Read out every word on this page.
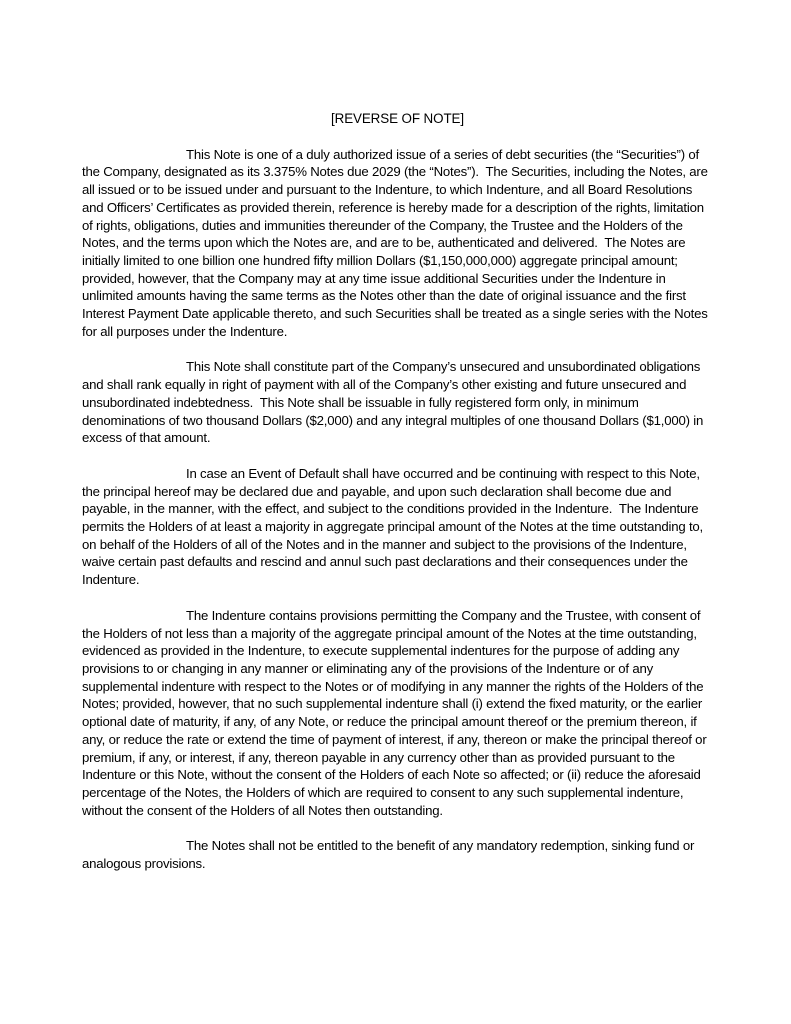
[REVERSE OF NOTE]

This Note is one of a duly authorized issue of a series of debt securities (the “Securities”) of the Company, designated as its 3.375% Notes due 2029 (the “Notes”).  The Securities, including the Notes, are all issued or to be issued under and pursuant to the Indenture, to which Indenture, and all Board Resolutions and Officers’ Certificates as provided therein, reference is hereby made for a description of the rights, limitation of rights, obligations, duties and immunities thereunder of the Company, the Trustee and the Holders of the Notes, and the terms upon which the Notes are, and are to be, authenticated and delivered.  The Notes are initially limited to one billion one hundred fifty million Dollars ($1,150,000,000) aggregate principal amount; provided, however, that the Company may at any time issue additional Securities under the Indenture in unlimited amounts having the same terms as the Notes other than the date of original issuance and the first Interest Payment Date applicable thereto, and such Securities shall be treated as a single series with the Notes for all purposes under the Indenture.

This Note shall constitute part of the Company’s unsecured and unsubordinated obligations and shall rank equally in right of payment with all of the Company’s other existing and future unsecured and unsubordinated indebtedness.  This Note shall be issuable in fully registered form only, in minimum denominations of two thousand Dollars ($2,000) and any integral multiples of one thousand Dollars ($1,000) in excess of that amount.

In case an Event of Default shall have occurred and be continuing with respect to this Note, the principal hereof may be declared due and payable, and upon such declaration shall become due and payable, in the manner, with the effect, and subject to the conditions provided in the Indenture.  The Indenture permits the Holders of at least a majority in aggregate principal amount of the Notes at the time outstanding to, on behalf of the Holders of all of the Notes and in the manner and subject to the provisions of the Indenture, waive certain past defaults and rescind and annul such past declarations and their consequences under the Indenture.

The Indenture contains provisions permitting the Company and the Trustee, with consent of the Holders of not less than a majority of the aggregate principal amount of the Notes at the time outstanding, evidenced as provided in the Indenture, to execute supplemental indentures for the purpose of adding any provisions to or changing in any manner or eliminating any of the provisions of the Indenture or of any supplemental indenture with respect to the Notes or of modifying in any manner the rights of the Holders of the Notes; provided, however, that no such supplemental indenture shall (i) extend the fixed maturity, or the earlier optional date of maturity, if any, of any Note, or reduce the principal amount thereof or the premium thereon, if any, or reduce the rate or extend the time of payment of interest, if any, thereon or make the principal thereof or premium, if any, or interest, if any, thereon payable in any currency other than as provided pursuant to the Indenture or this Note, without the consent of the Holders of each Note so affected; or (ii) reduce the aforesaid percentage of the Notes, the Holders of which are required to consent to any such supplemental indenture, without the consent of the Holders of all Notes then outstanding.

The Notes shall not be entitled to the benefit of any mandatory redemption, sinking fund or analogous provisions.
